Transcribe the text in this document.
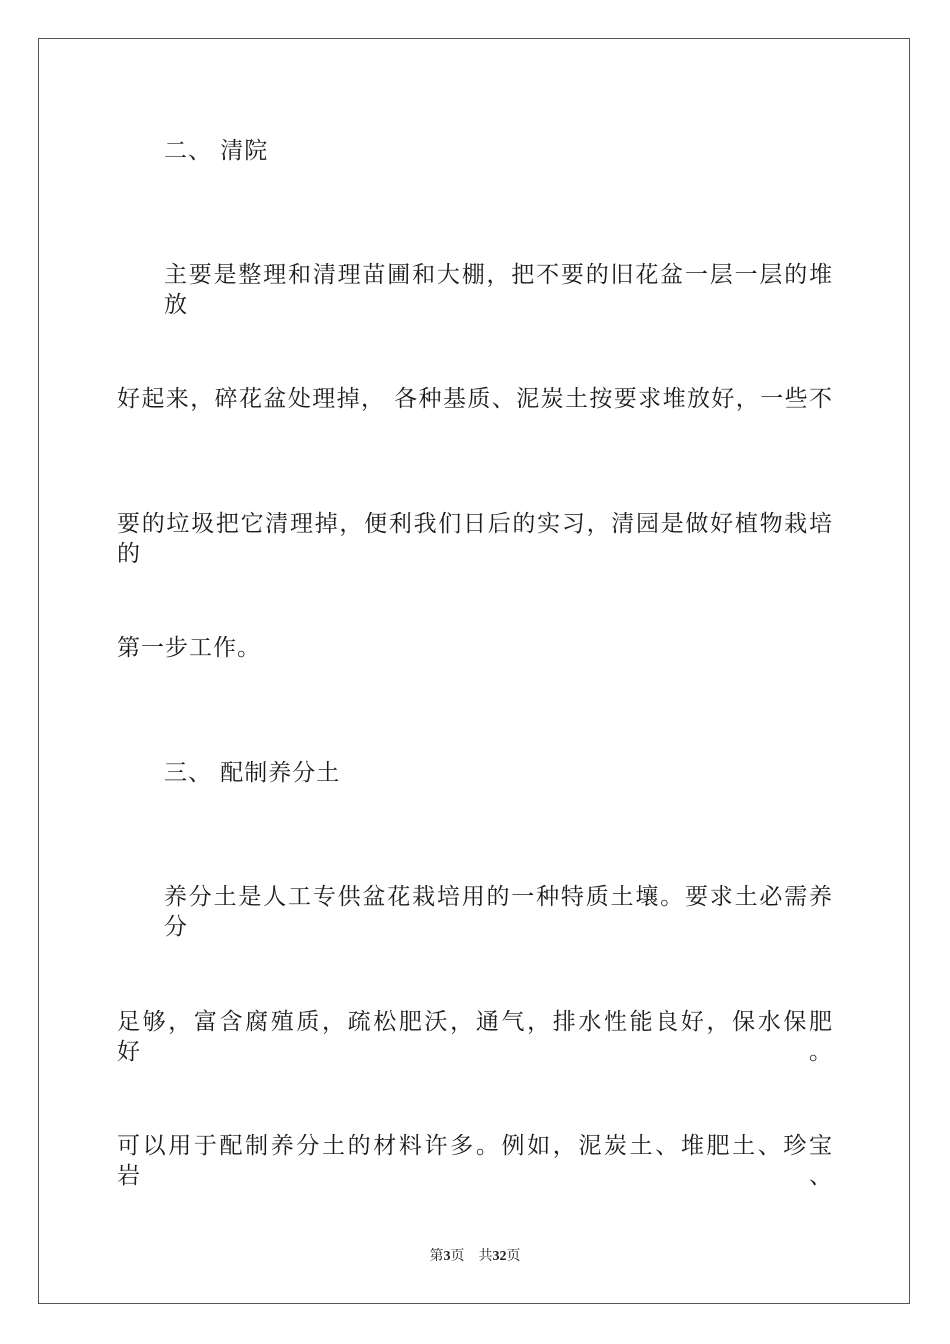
二、 清院
主要是整理和清理苗圃和大棚，把不要的旧花盆一层一层的堆放
好起来，碎花盆处理掉， 各种基质、泥炭土按要求堆放好，一些不
要的垃圾把它清理掉，便利我们日后的实习，清园是做好植物栽培的
第一步工作。
三、 配制养分土
养分土是人工专供盆花栽培用的一种特质土壤。要求土必需养分
足够，富含腐殖质，疏松肥沃，通气，排水性能良好，保水保肥好。
可以用于配制养分土的材料许多。例如，泥炭土、堆肥土、珍宝岩、
第3页 共32页
